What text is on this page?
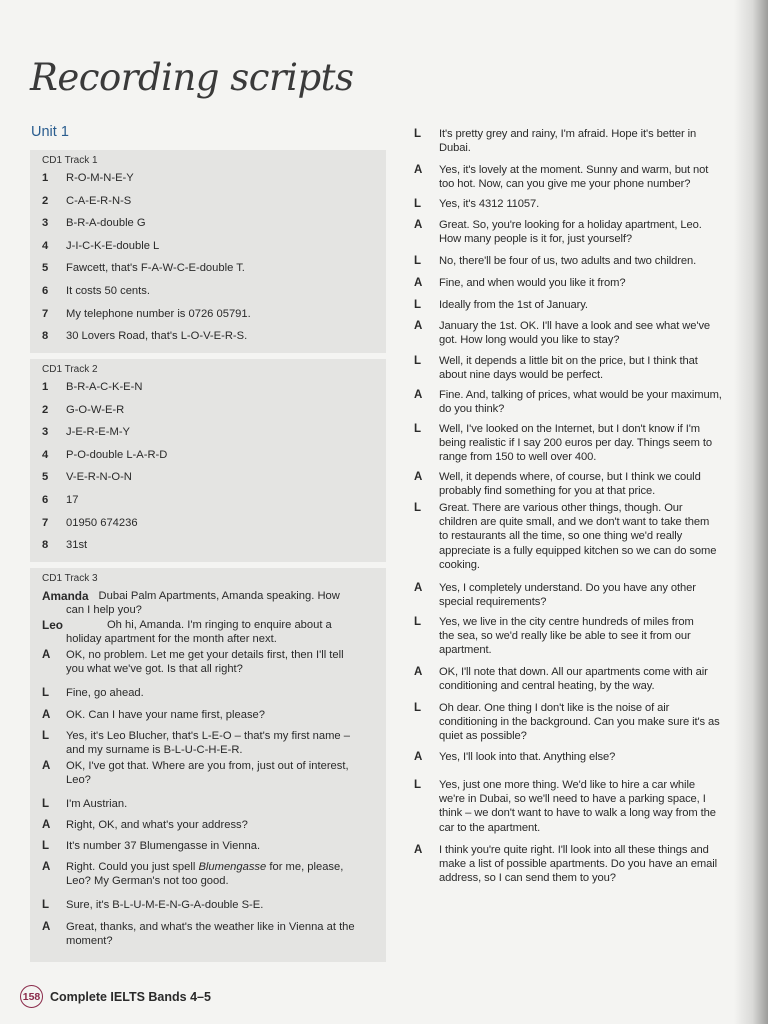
Recording scripts
Unit 1
CD1 Track 1
1	R-O-M-N-E-Y
2	C-A-E-R-N-S
3	B-R-A-double G
4	J-I-C-K-E-double L
5	Fawcett, that's F-A-W-C-E-double T.
6	It costs 50 cents.
7	My telephone number is 0726 05791.
8	30 Lovers Road, that's L-O-V-E-R-S.
CD1 Track 2
1	B-R-A-C-K-E-N
2	G-O-W-E-R
3	J-E-R-E-M-Y
4	P-O-double L-A-R-D
5	V-E-R-N-O-N
6	17
7	01950 674236
8	31st
CD1 Track 3
Amanda Dubai Palm Apartments, Amanda speaking. How
can I help you?
Leo	Oh hi, Amanda. I'm ringing to enquire about a
holiday apartment for the month after next.
A	OK, no problem. Let me get your details first, then I'll tell
you what we've got. Is that all right?
L	Fine, go ahead.
A	OK. Can I have your name first, please?
L	Yes, it's Leo Blucher, that's L-E-O – that's my first name –
and my surname is B-L-U-C-H-E-R.
A	OK, I've got that. Where are you from, just out of interest,
Leo?
L	I'm Austrian.
A	Right, OK, and what's your address?
L	It's number 37 Blumengasse in Vienna.
A	Right. Could you just spell Blumengasse for me, please,
Leo? My German's not too good.
L	Sure, it's B-L-U-M-E-N-G-A-double S-E.
A	Great, thanks, and what's the weather like in Vienna at the
moment?
L	It's pretty grey and rainy, I'm afraid. Hope it's better in
Dubai.
A	Yes, it's lovely at the moment. Sunny and warm, but not
too hot. Now, can you give me your phone number?
L	Yes, it's 4312 11057.
A	Great. So, you're looking for a holiday apartment, Leo.
How many people is it for, just yourself?
L	No, there'll be four of us, two adults and two children.
A	Fine, and when would you like it from?
L	Ideally from the 1st of January.
A	January the 1st. OK. I'll have a look and see what we've
got. How long would you like to stay?
L	Well, it depends a little bit on the price, but I think that
about nine days would be perfect.
A	Fine. And, talking of prices, what would be your maximum,
do you think?
L	Well, I've looked on the Internet, but I don't know if I'm
being realistic if I say 200 euros per day. Things seem to
range from 150 to well over 400.
A	Well, it depends where, of course, but I think we could
probably find something for you at that price.
L	Great. There are various other things, though. Our
children are quite small, and we don't want to take them
to restaurants all the time, so one thing we'd really
appreciate is a fully equipped kitchen so we can do some
cooking.
A	Yes, I completely understand. Do you have any other
special requirements?
L	Yes, we live in the city centre hundreds of miles from
the sea, so we'd really like be able to see it from our
apartment.
A	OK, I'll note that down. All our apartments come with air
conditioning and central heating, by the way.
L	Oh dear. One thing I don't like is the noise of air
conditioning in the background. Can you make sure it's as
quiet as possible?
A	Yes, I'll look into that. Anything else?
L	Yes, just one more thing. We'd like to hire a car while
we're in Dubai, so we'll need to have a parking space, I
think – we don't want to have to walk a long way from the
car to the apartment.
A	I think you're quite right. I'll look into all these things and
make a list of possible apartments. Do you have an email
address, so I can send them to you?
158 Complete IELTS Bands 4–5
